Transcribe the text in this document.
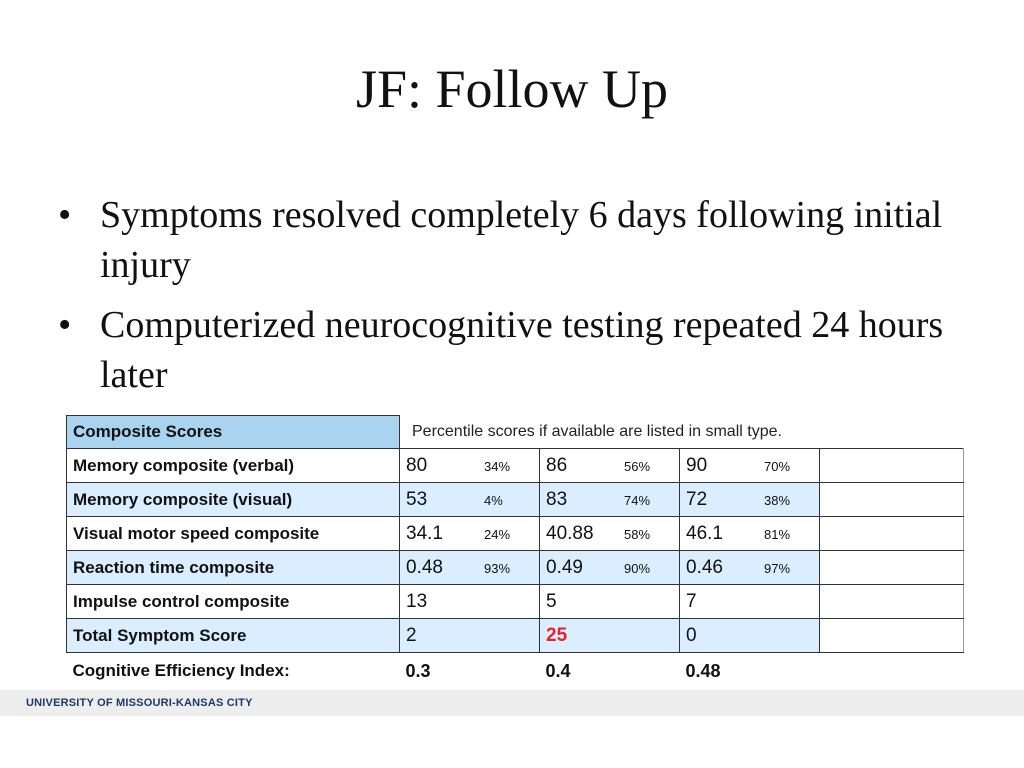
JF: Follow Up
• Symptoms resolved completely 6 days following initial injury
• Computerized neurocognitive testing repeated 24 hours later
Composite Scores	Percentile scores if available are listed in small type.			
Memory composite (verbal)	80 34%	86 56%	90 70%	
Memory composite (visual)	53 4%	83 74%	72 38%	
Visual motor speed composite	34.1 24%	40.88 58%	46.1 81%	
Reaction time composite	0.48 93%	0.49 90%	0.46 97%	
Impulse control composite	13	5	7	
Total Symptom Score	2	25	0	
Cognitive Efficiency Index:	0.3	0.4	0.48	
UNIVERSITY OF MISSOURI-KANSAS CITY
